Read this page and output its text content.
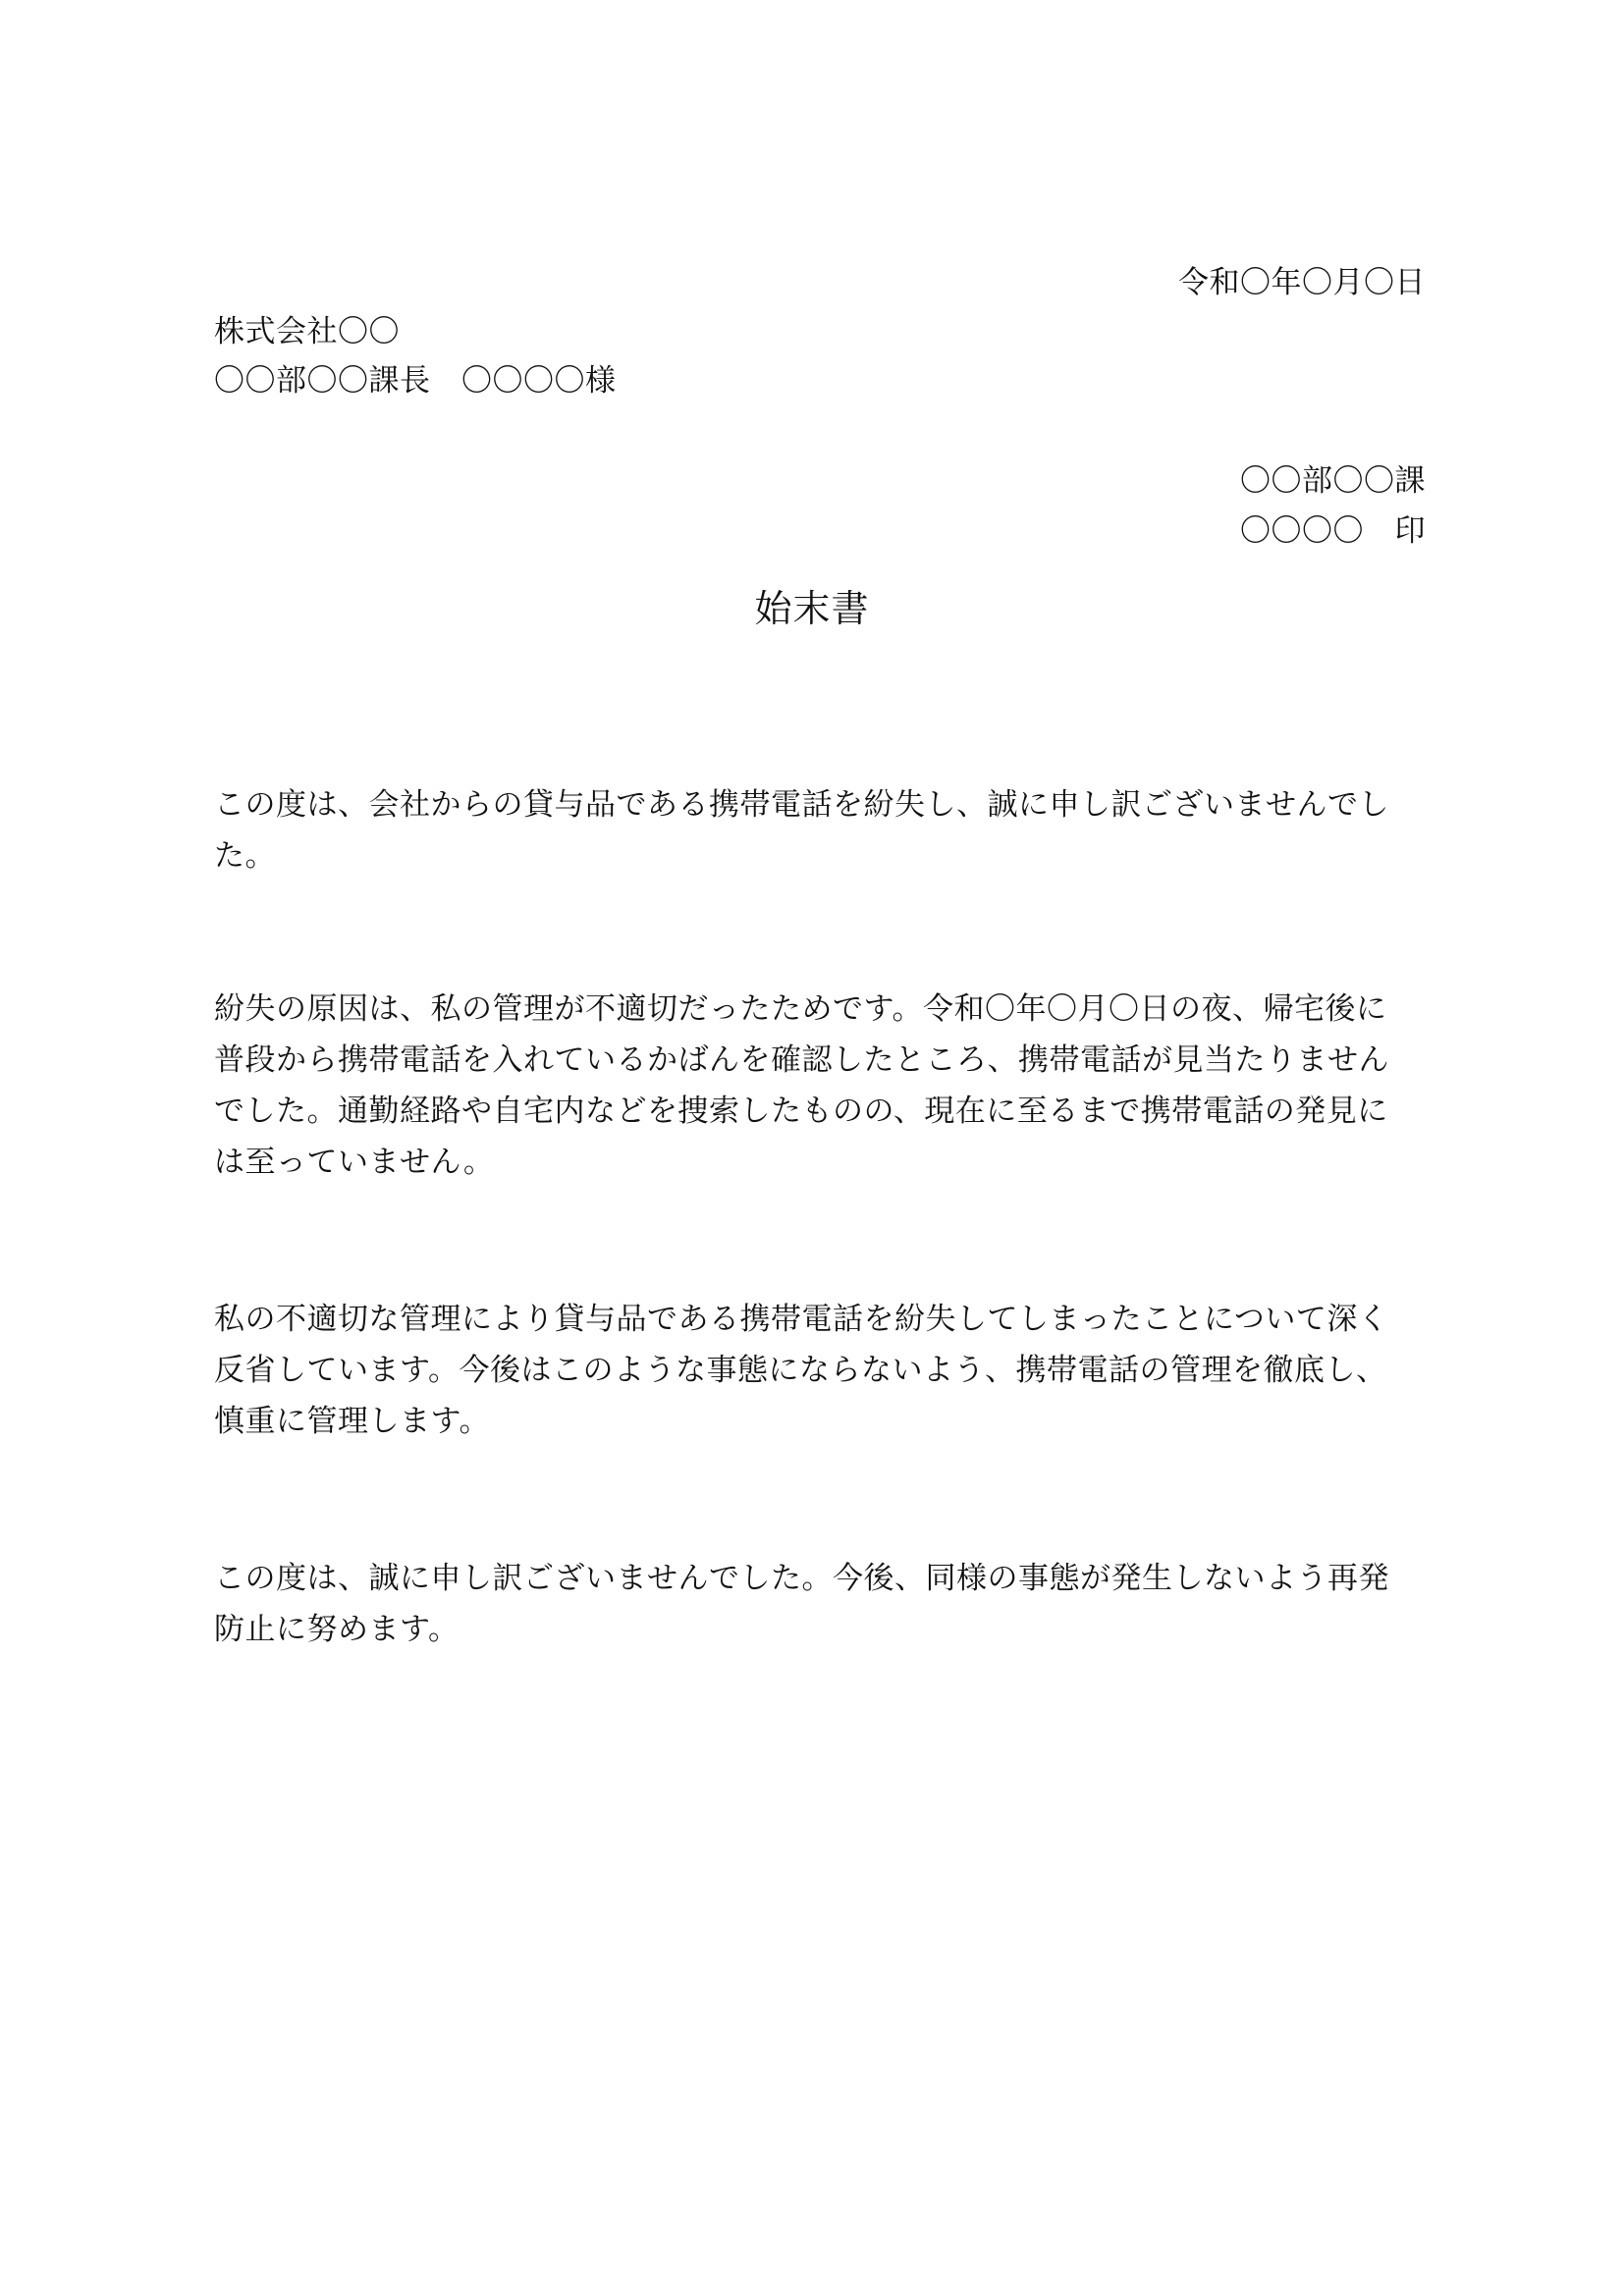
令和〇年〇月〇日
株式会社〇〇
〇〇部〇〇課長　〇〇〇〇様
〇〇部〇〇課
〇〇〇〇　印
始末書
この度は、会社からの貸与品である携帯電話を紛失し、誠に申し訳ございませんでし
た。
紛失の原因は、私の管理が不適切だったためです。令和〇年〇月〇日の夜、帰宅後に
普段から携帯電話を入れているかばんを確認したところ、携帯電話が見当たりません
でした。通勤経路や自宅内などを捜索したものの、現在に至るまで携帯電話の発見に
は至っていません。
私の不適切な管理により貸与品である携帯電話を紛失してしまったことについて深く
反省しています。今後はこのような事態にならないよう、携帯電話の管理を徹底し、
慎重に管理します。
この度は、誠に申し訳ございませんでした。今後、同様の事態が発生しないよう再発
防止に努めます。
